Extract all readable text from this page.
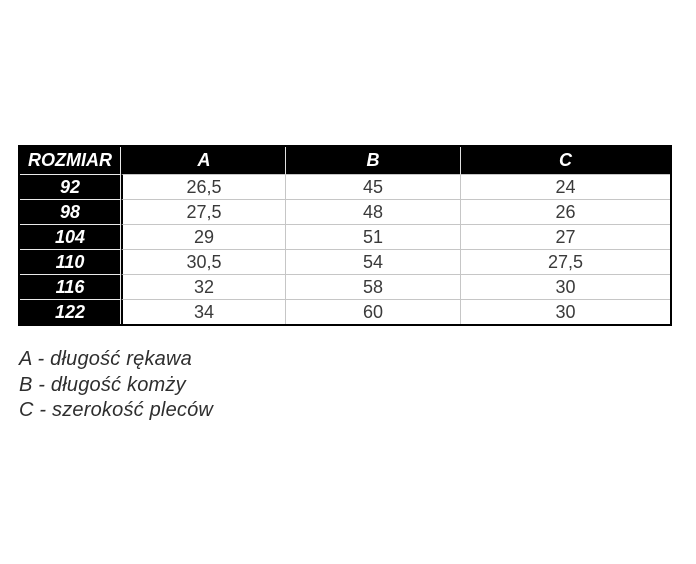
ROZMIAR	A	B	C
92	26,5	45	24
98	27,5	48	26
104	29	51	27
110	30,5	54	27,5
116	32	58	30
122	34	60	30
A - długość rękawa
B - długość komży
C - szerokość pleców
